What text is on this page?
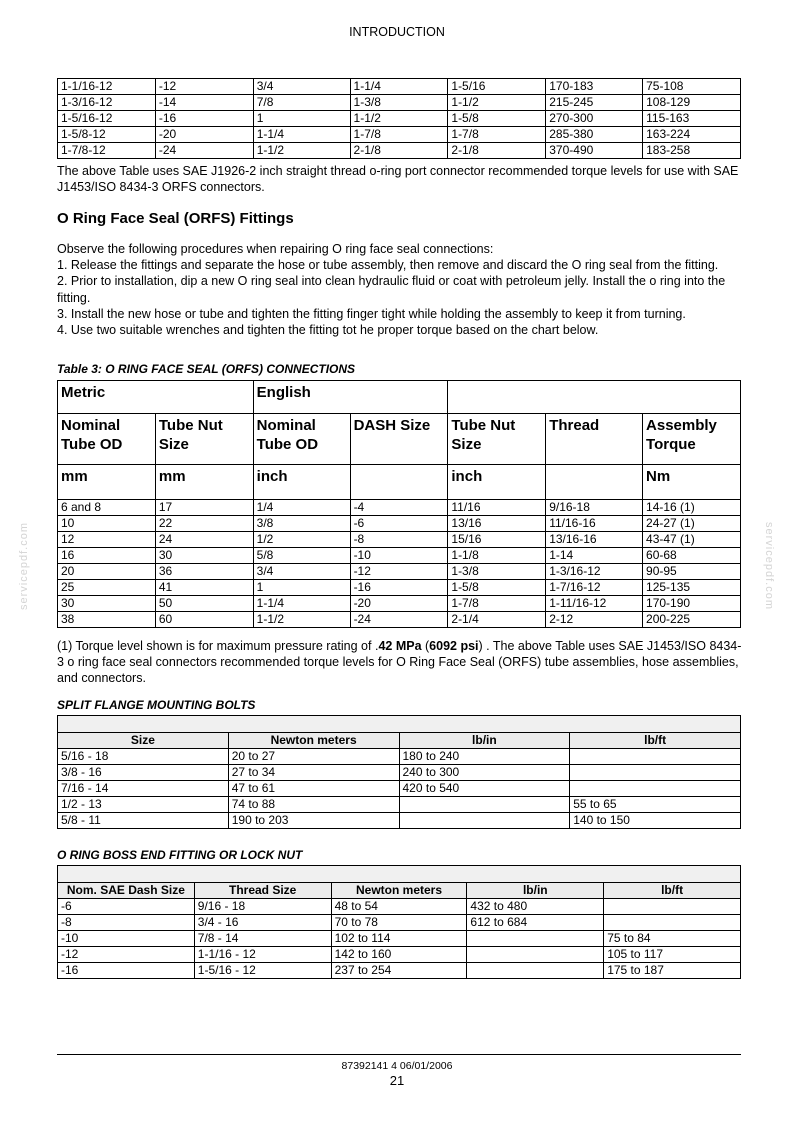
INTRODUCTION
1-1/16-12	-12	3/4	1-1/4	1-5/16	170-183	75-108
1-3/16-12	-14	7/8	1-3/8	1-1/2	215-245	108-129
1-5/16-12	-16	1	1-1/2	1-5/8	270-300	115-163
1-5/8-12	-20	1-1/4	1-7/8	1-7/8	285-380	163-224
1-7/8-12	-24	1-1/2	2-1/8	2-1/8	370-490	183-258
The above Table uses SAE J1926-2 inch straight thread o-ring port connector recommended torque levels for use with SAE J1453/ISO 8434-3 ORFS connectors.
O Ring Face Seal (ORFS) Fittings
Observe the following procedures when repairing O ring face seal connections:
1. Release the fittings and separate the hose or tube assembly, then remove and discard the O ring seal from the fitting.
2. Prior to installation, dip a new O ring seal into clean hydraulic fluid or coat with petroleum jelly. Install the o ring into the fitting.
3. Install the new hose or tube and tighten the fitting finger tight while holding the assembly to keep it from turning.
4. Use two suitable wrenches and tighten the fitting tot he proper torque based on the chart below.
Table 3: O RING FACE SEAL (ORFS) CONNECTIONS
Metric		English				
Nominal Tube OD	Tube Nut Size	Nominal Tube OD	DASH Size	Tube Nut Size	Thread	Assembly Torque
mm	mm	inch		inch		Nm
6 and 8	17	1/4	-4	11/16	9/16-18	14-16 (1)
10	22	3/8	-6	13/16	11/16-16	24-27 (1)
12	24	1/2	-8	15/16	13/16-16	43-47 (1)
16	30	5/8	-10	1-1/8	1-14	60-68
20	36	3/4	-12	1-3/8	1-3/16-12	90-95
25	41	1	-16	1-5/8	1-7/16-12	125-135
30	50	1-1/4	-20	1-7/8	1-11/16-12	170-190
38	60	1-1/2	-24	2-1/4	2-12	200-225
(1) Torque level shown is for maximum pressure rating of .42 MPa (6092 psi) . The above Table uses SAE J1453/ISO 8434-3 o ring face seal connectors recommended torque levels for O Ring Face Seal (ORFS) tube assemblies, hose assemblies, and connectors.
SPLIT FLANGE MOUNTING BOLTS

Size	Newton meters	lb/in	lb/ft
5/16 - 18	20 to 27	180 to 240	
3/8 - 16	27 to 34	240 to 300	
7/16 - 14	47 to 61	420 to 540	
1/2 - 13	74 to 88		55 to 65
5/8 - 11	190 to 203		140 to 150
O RING BOSS END FITTING OR LOCK NUT

Nom. SAE Dash Size	Thread Size	Newton meters	lb/in	lb/ft
-6	9/16 - 18	48 to 54	432 to 480	
-8	3/4 - 16	70 to 78	612 to 684	
-10	7/8 - 14	102 to 114		75 to 84
-12	1-1/16 - 12	142 to 160		105 to 117
-16	1-5/16 - 12	237 to 254		175 to 187
87392141 4 06/01/2006
21
servicepdf.com	servicepdf.com
